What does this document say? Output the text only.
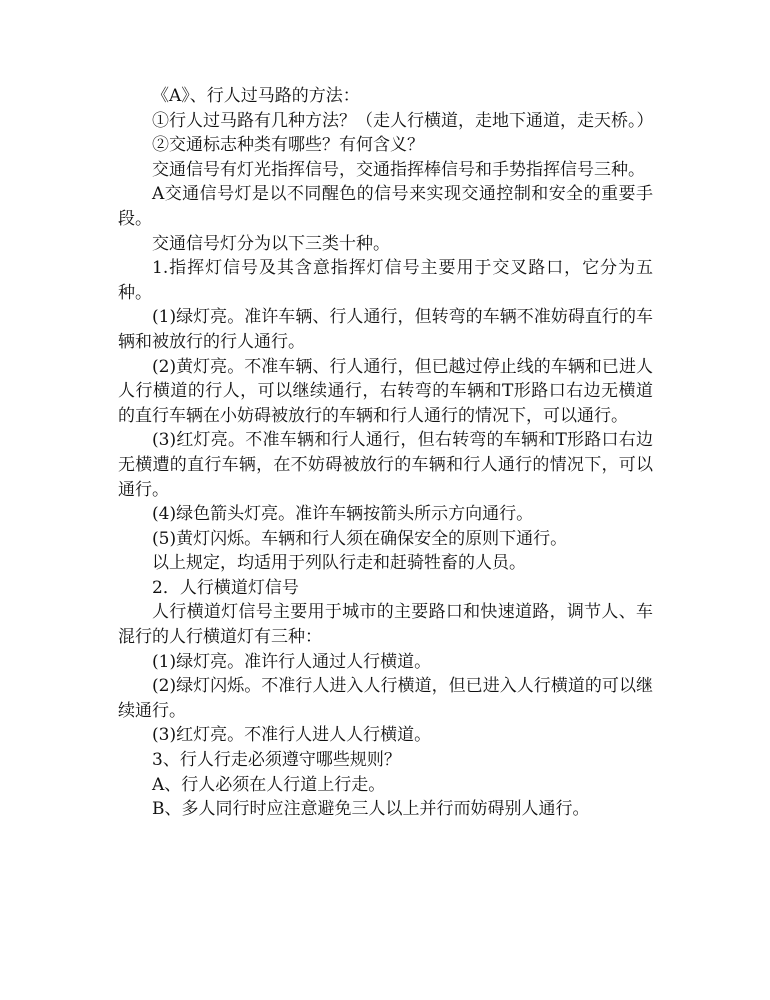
《A》、行人过马路的方法：

①行人过马路有几种方法？（走人行横道，走地下通道，走天桥。）

②交通标志种类有哪些？有何含义？

交通信号有灯光指挥信号，交通指挥棒信号和手势指挥信号三种。

A交通信号灯是以不同醒色的信号来实现交通控制和安全的重要手段。

交通信号灯分为以下三类十种。

1.指挥灯信号及其含意指挥灯信号主要用于交叉路口，它分为五种。

(1)绿灯亮。准许车辆、行人通行，但转弯的车辆不准妨碍直行的车辆和被放行的行人通行。

(2)黄灯亮。不准车辆、行人通行，但已越过停止线的车辆和已进人人行横道的行人，可以继续通行，右转弯的车辆和T形路口右边无横道的直行车辆在小妨碍被放行的车辆和行人通行的情况下，可以通行。

(3)红灯亮。不准车辆和行人通行，但右转弯的车辆和T形路口右边无横遭的直行车辆，在不妨碍被放行的车辆和行人通行的情况下，可以通行。

(4)绿色箭头灯亮。准许车辆按箭头所示方向通行。

(5)黄灯闪烁。车辆和行人须在确保安全的原则下通行。

以上规定，均适用于列队行走和赶骑牲畜的人员。

2．人行横道灯信号

人行横道灯信号主要用于城市的主要路口和快速道路，调节人、车混行的人行横道灯有三种：

(1)绿灯亮。准许行人通过人行横道。

(2)绿灯闪烁。不准行人进入人行横道，但已进入人行横道的可以继续通行。

(3)红灯亮。不准行人进人人行横道。

3、行人行走必须遵守哪些规则？

A、行人必须在人行道上行走。

B、多人同行时应注意避免三人以上并行而妨碍别人通行。
